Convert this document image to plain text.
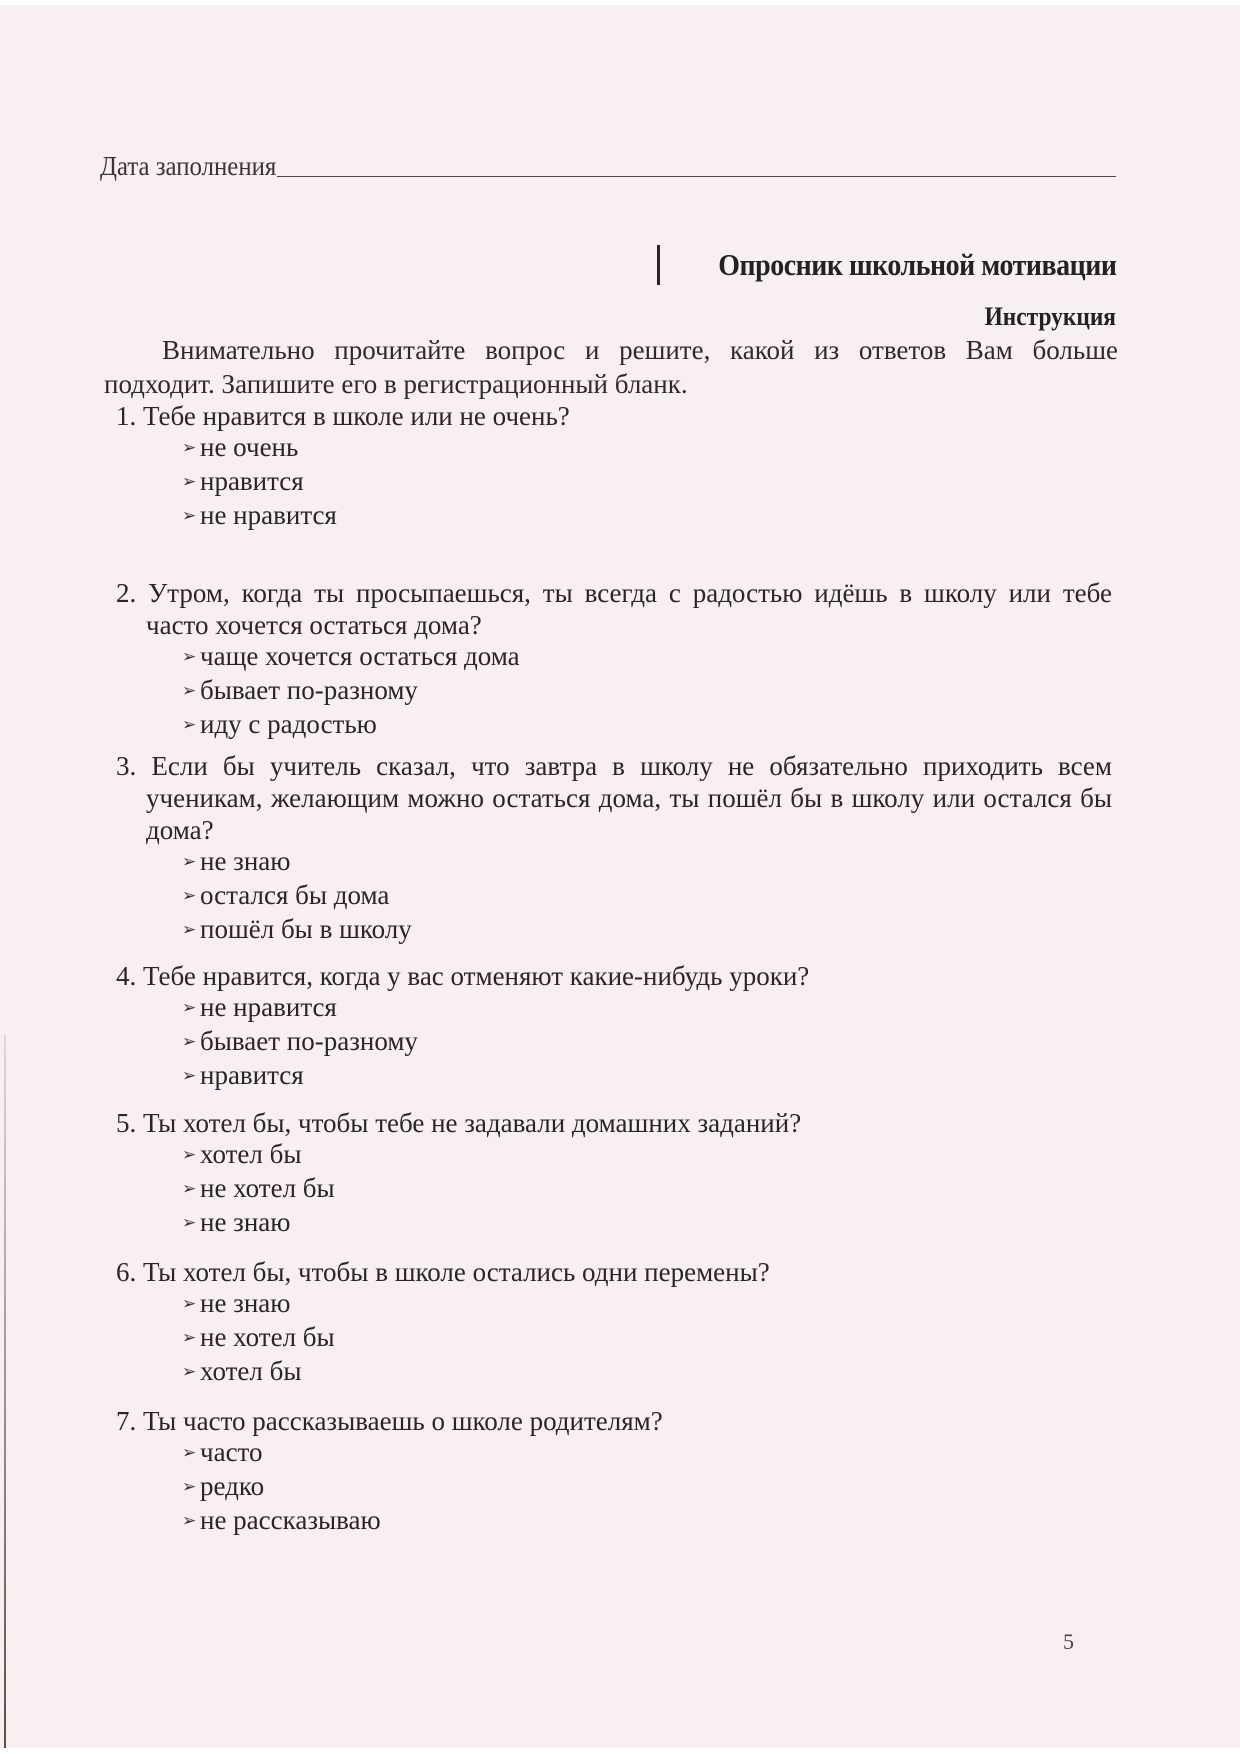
Дата заполнения
Опросник школьной мотивации
Инструкция
Внимательно прочитайте вопрос и решите, какой из ответов Вам больше подходит. Запишите его в регистрационный бланк.
1. Тебе нравится в школе или не очень?
➢ не очень
➢ нравится
➢ не нравится
2. Утром, когда ты просыпаешься, ты всегда с радостью идёшь в школу или тебе часто хочется остаться дома?
➢ чаще хочется остаться дома
➢ бывает по-разному
➢ иду с радостью
3. Если бы учитель сказал, что завтра в школу не обязательно приходить всем ученикам, желающим можно остаться дома, ты пошёл бы в школу или остался бы дома?
➢ не знаю
➢ остался бы дома
➢ пошёл бы в школу
4. Тебе нравится, когда у вас отменяют какие-нибудь уроки?
➢ не нравится
➢ бывает по-разному
➢ нравится
5. Ты хотел бы, чтобы тебе не задавали домашних заданий?
➢ хотел бы
➢ не хотел бы
➢ не знаю
6. Ты хотел бы, чтобы в школе остались одни перемены?
➢ не знаю
➢ не хотел бы
➢ хотел бы
7. Ты часто рассказываешь о школе родителям?
➢ часто
➢ редко
➢ не рассказываю
5
